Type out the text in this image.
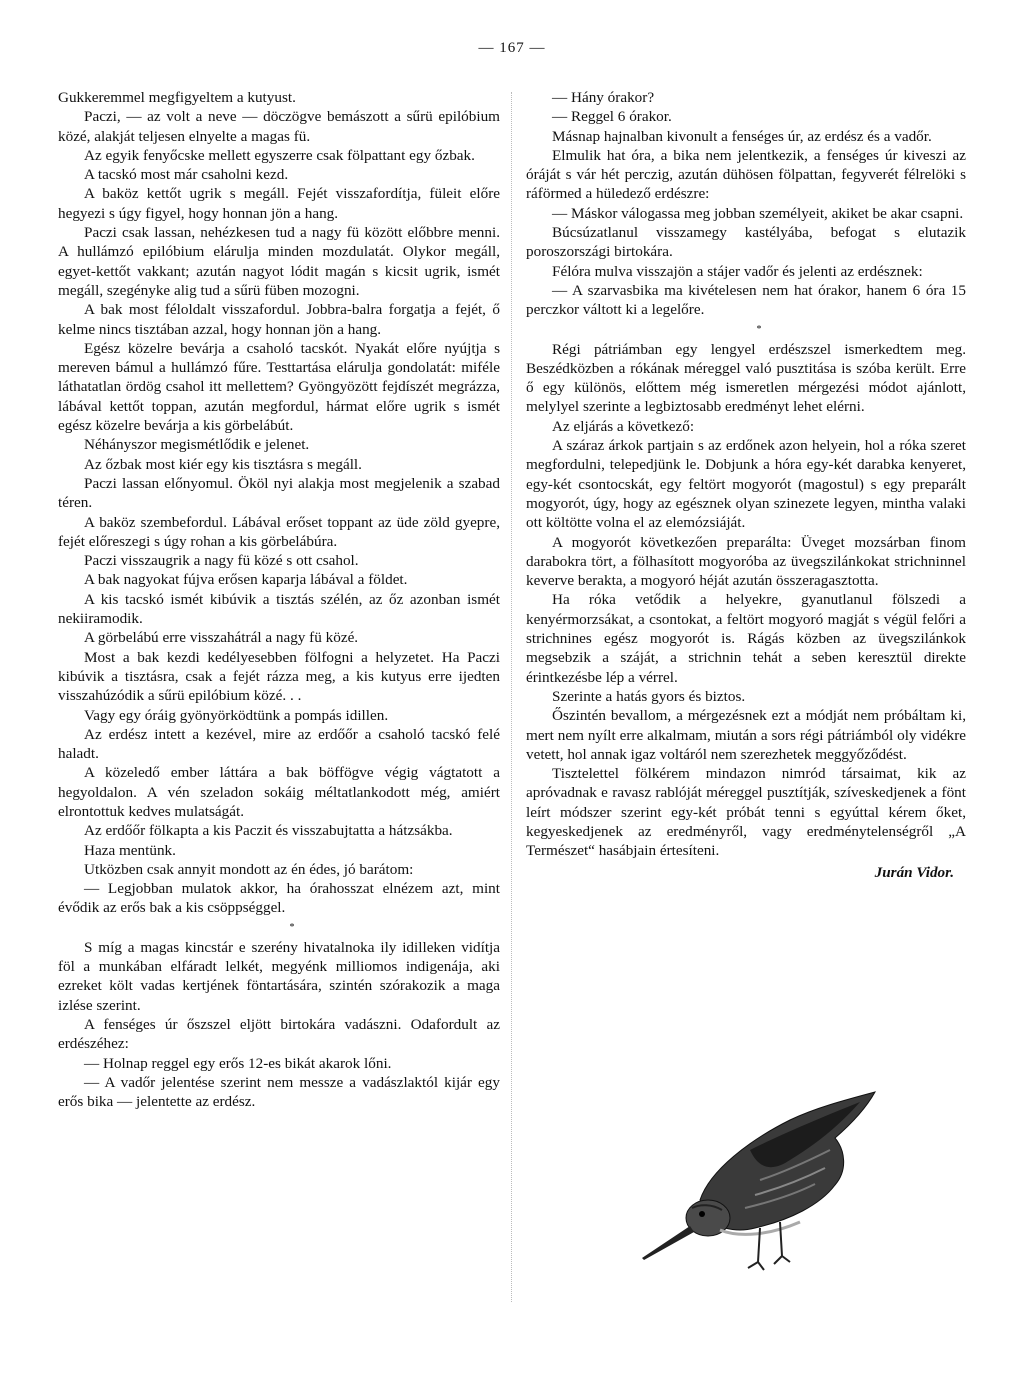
— 167 —

Gukkeremmel megfigyeltem a kutyust.

Paczi, — az volt a neve — döczögve bemászott a sűrü epilóbium közé, alakját teljesen elnyelte a magas fü.

Az egyik fenyőcske mellett egyszerre csak fölpattant egy őzbak.

A tacskó most már csaholni kezd.

A baköz kettőt ugrik s megáll. Fejét visszafordítja, füleit előre hegyezi s úgy figyel, hogy honnan jön a hang.

Paczi csak lassan, nehézkesen tud a nagy fü között előbbre menni. A hullámzó epilóbium elárulja minden mozdulatát. Olykor megáll, egyet-kettőt vakkant; azután nagyot lódit magán s kicsit ugrik, ismét megáll, szegényke alig tud a sűrü füben mozogni.

A bak most féloldalt visszafordul. Jobbra-balra forgatja a fejét, ő kelme nincs tisztában azzal, hogy honnan jön a hang.

Egész közelre bevárja a csaholó tacskót. Nyakát előre nyújtja s mereven bámul a hullámzó fűre. Testtartása elárulja gondolatát: miféle láthatatlan ördög csahol itt mellettem? Gyöngyözött fejdíszét megrázza, lábával kettőt toppan, azután megfordul, hármat előre ugrik s ismét egész közelre bevárja a kis görbelábút.

Néhányszor megismétlődik e jelenet.

Az őzbak most kiér egy kis tisztásra s megáll.

Paczi lassan előnyomul. Ököl nyi alakja most megjelenik a szabad téren.

A baköz szembefordul. Lábával erőset toppant az üde zöld gyepre, fejét előreszegi s úgy rohan a kis görbelábúra.

Paczi visszaugrik a nagy fü közé s ott csahol.

A bak nagyokat fújva erősen kaparja lábával a földet.

A kis tacskó ismét kibúvik a tisztás szélén, az őz azonban ismét nekiiramodik.

A görbelábú erre visszahátrál a nagy fü közé.

Most a bak kezdi kedélyesebben fölfogni a helyzetet. Ha Paczi kibúvik a tisztásra, csak a fejét rázza meg, a kis kutyus erre ijedten visszahúzódik a sűrü epilóbium közé. . .

Vagy egy óráig gyönyörködtünk a pompás idillen.

Az erdész intett a kezével, mire az erdőőr a csaholó tacskó felé haladt.

A közeledő ember láttára a bak böffögve végig vágtatott a hegyoldalon. A vén szeladon sokáig méltatlankodott még, amiért elrontottuk kedves mulatságát.

Az erdőőr fölkapta a kis Paczit és visszabujtatta a hátzsákba.

Haza mentünk.

Utközben csak annyit mondott az én édes, jó barátom:

— Legjobban mulatok akkor, ha órahosszat elnézem azt, mint évődik az erős bak a kis csöppséggel.

*

S míg a magas kincstár e szerény hivatalnoka ily idilleken vidítja föl a munkában elfáradt lelkét, megyénk milliomos indigenája, aki ezreket költ vadas kertjének föntartására, szintén szórakozik a maga izlése szerint.

A fenséges úr őszszel eljött birtokára vadászni. Odafordult az erdészéhez:

— Holnap reggel egy erős 12-es bikát akarok lőni.

— A vadőr jelentése szerint nem messze a vadászlaktól kijár egy erős bika — jelentette az erdész.

— Hány órakor?

— Reggel 6 órakor.

Másnap hajnalban kivonult a fenséges úr, az erdész és a vadőr.

Elmulik hat óra, a bika nem jelentkezik, a fenséges úr kiveszi az óráját s vár hét perczig, azután dühösen fölpattan, fegyverét félrelöki s ráförmed a hüledező erdészre:

— Máskor válogassa meg jobban személyeit, akiket be akar csapni.

Búcsúzatlanul visszamegy kastélyába, befogat s elutazik poroszországi birtokára.

Félóra mulva visszajön a stájer vadőr és jelenti az erdésznek:

— A szarvasbika ma kivételesen nem hat órakor, hanem 6 óra 15 perczkor váltott ki a legelőre.

*

Régi pátriámban egy lengyel erdészszel ismerkedtem meg. Beszédközben a rókának méreggel való pusztitása is szóba került. Erre ő egy különös, előttem még ismeretlen mérgezési módot ajánlott, melylyel szerinte a legbiztosabb eredményt lehet elérni.

Az eljárás a következő:

A száraz árkok partjain s az erdőnek azon helyein, hol a róka szeret megfordulni, telepedjünk le. Dobjunk a hóra egy-két darabka kenyeret, egy-két csontocskát, egy feltört mogyorót (magostul) s egy preparált mogyorót, úgy, hogy az egésznek olyan szinezete legyen, mintha valaki ott költötte volna el az elemózsiáját.

A mogyorót következően preparálta: Üveget mozsárban finom darabokra tört, a fölhasított mogyoróba az üvegszilánkokat strichninnel keverve berakta, a mogyoró héját azután összeragasztotta.

Ha róka vetődik a helyekre, gyanutlanul fölszedi a kenyérmorzsákat, a csontokat, a feltört mogyoró magját s végül felőri a strichnines egész mogyorót is. Rágás közben az üvegszilánkok megsebzik a száját, a strichnin tehát a seben keresztül direkte érintkezésbe lép a vérrel.

Szerinte a hatás gyors és biztos.

Őszintén bevallom, a mérgezésnek ezt a módját nem próbáltam ki, mert nem nyílt erre alkalmam, miután a sors régi pátriámból oly vidékre vetett, hol annak igaz voltáról nem szerezhetek meggyőződést.

Tisztelettel fölkérem mindazon nimród társaimat, kik az apróvadnak e ravasz rablóját méreggel pusztítják, szíveskedjenek a fönt leírt módszer szerint egy-két próbát tenni s egyúttal kérem őket, kegyeskedjenek az eredményről, vagy eredménytelenségről „A Természet“ hasábjain értesíteni.

Jurán Vidor.
